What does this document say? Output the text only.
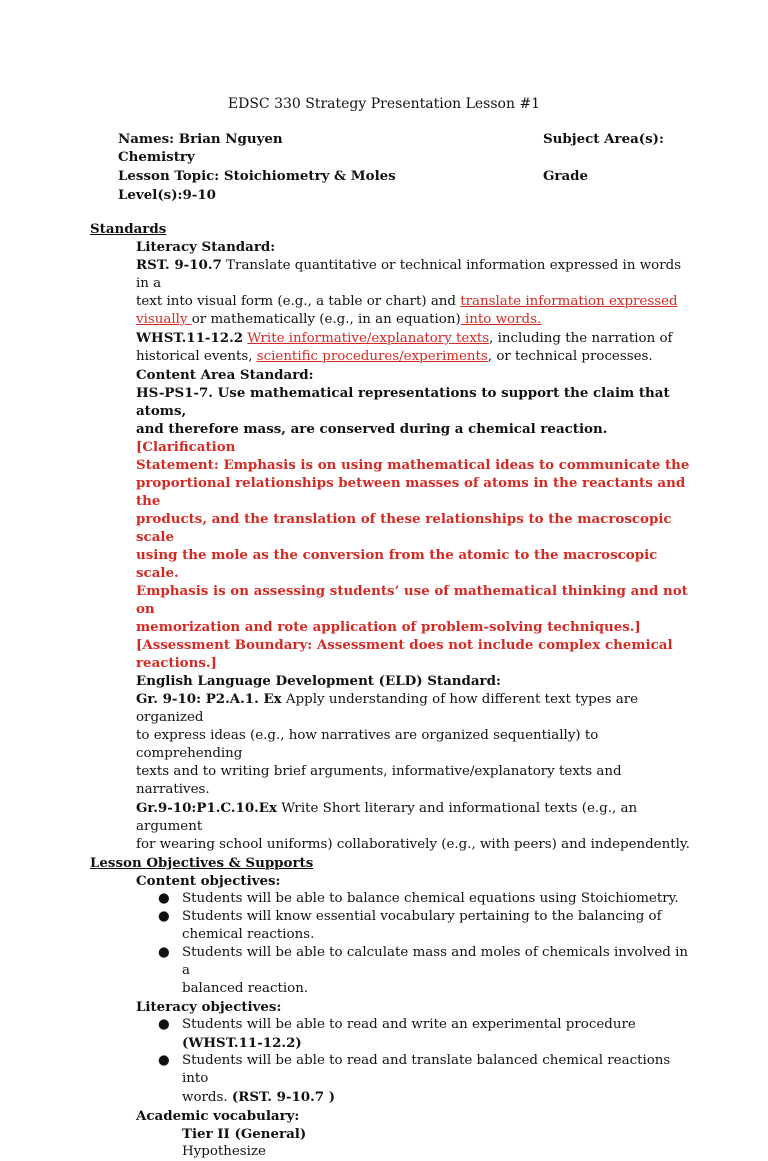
EDSC 330 Strategy Presentation Lesson #1
Names: Brian Nguyen	Subject Area(s):
Chemistry
Lesson Topic: Stoichiometry & Moles	Grade
Level(s):9-10
Standards
Literacy Standard:
RST. 9-10.7 Translate quantitative or technical information expressed in words in a
text into visual form (e.g., a table or chart) and translate information expressed
visually or mathematically (e.g., in an equation) into words.
WHST.11-12.2 Write informative/explanatory texts, including the narration of
historical events, scientific procedures/experiments, or technical processes.
Content Area Standard:
HS-PS1-7. Use mathematical representations to support the claim that atoms,
and therefore mass, are conserved during a chemical reaction. [Clarification
Statement: Emphasis is on using mathematical ideas to communicate the
proportional relationships between masses of atoms in the reactants and the
products, and the translation of these relationships to the macroscopic scale
using the mole as the conversion from the atomic to the macroscopic scale.
Emphasis is on assessing students’ use of mathematical thinking and not on
memorization and rote application of problem-solving techniques.]
[Assessment Boundary: Assessment does not include complex chemical
reactions.]
English Language Development (ELD) Standard:
Gr. 9-10: P2.A.1. Ex Apply understanding of how different text types are organized
to express ideas (e.g., how narratives are organized sequentially) to comprehending
texts and to writing brief arguments, informative/explanatory texts and narratives.
Gr.9-10:P1.C.10.Ex Write Short literary and informational texts (e.g., an argument
for wearing school uniforms) collaboratively (e.g., with peers) and independently.
Lesson Objectives & Supports
Content objectives:
● Students will be able to balance chemical equations using Stoichiometry.
● Students will know essential vocabulary pertaining to the balancing of
chemical reactions.
● Students will be able to calculate mass and moles of chemicals involved in a
balanced reaction.
Literacy objectives:
● Students will be able to read and write an experimental procedure
(WHST.11-12.2)
● Students will be able to read and translate balanced chemical reactions into
words. (RST. 9-10.7 )
Academic vocabulary:
Tier II (General)
Hypothesize
